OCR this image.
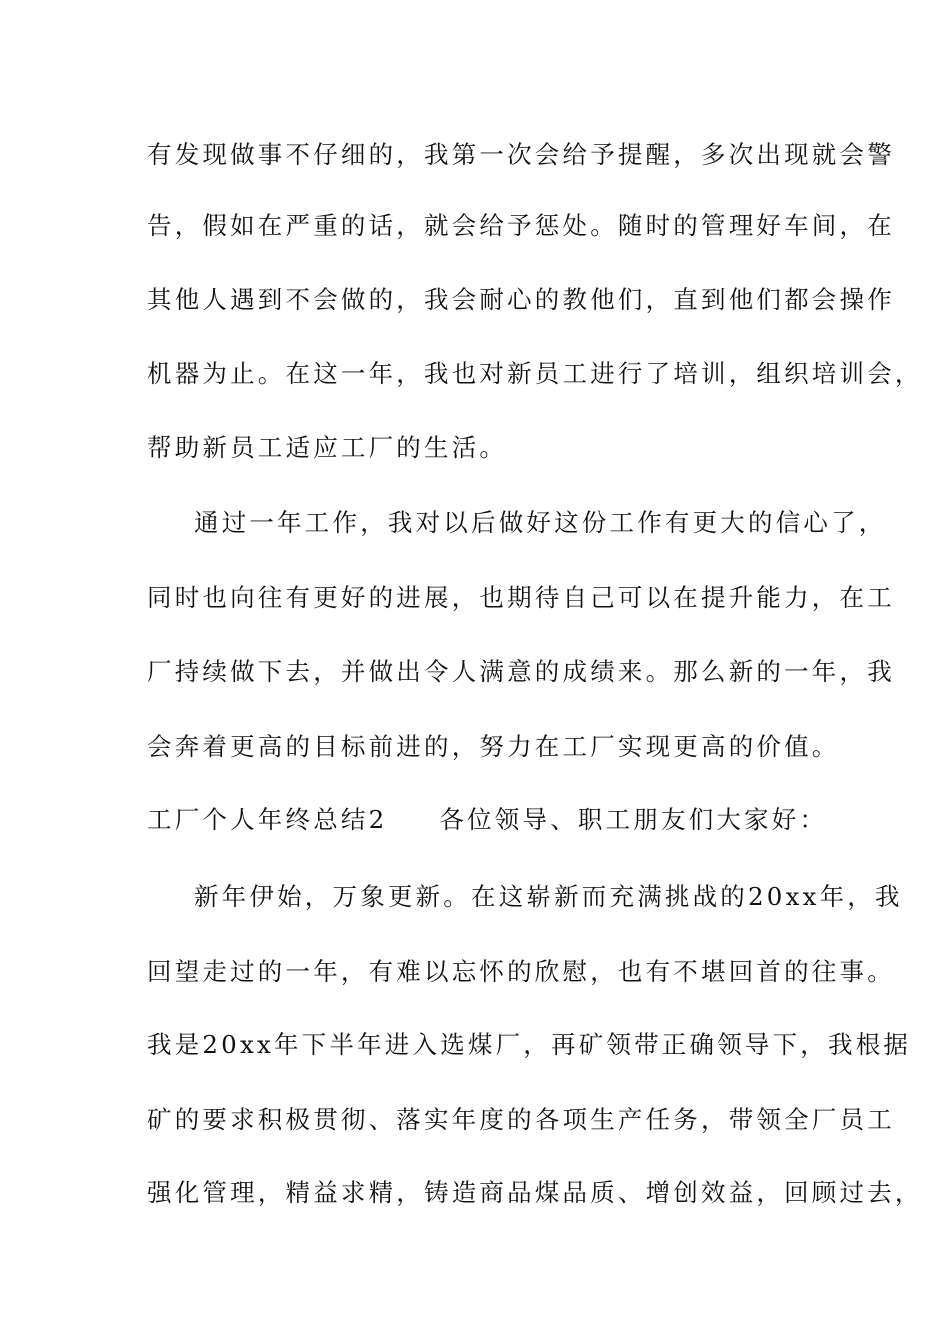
有发现做事不仔细的，我第一次会给予提醒，多次出现就会警
告，假如在严重的话，就会给予惩处。随时的管理好车间，在
其他人遇到不会做的，我会耐心的教他们，直到他们都会操作
机器为止。在这一年，我也对新员工进行了培训，组织培训会，
帮助新员工适应工厂的生活。
通过一年工作，我对以后做好这份工作有更大的信心了，
同时也向往有更好的进展，也期待自己可以在提升能力，在工
厂持续做下去，并做出令人满意的成绩来。那么新的一年，我
会奔着更高的目标前进的，努力在工厂实现更高的价值。
工厂个人年终总结2 各位领导、职工朋友们大家好：
新年伊始，万象更新。在这崭新而充满挑战的20xx年，我
回望走过的一年，有难以忘怀的欣慰，也有不堪回首的往事。
我是20xx年下半年进入选煤厂，再矿领带正确领导下，我根据
矿的要求积极贯彻、落实年度的各项生产任务，带领全厂员工
强化管理，精益求精，铸造商品煤品质、增创效益，回顾过去，
